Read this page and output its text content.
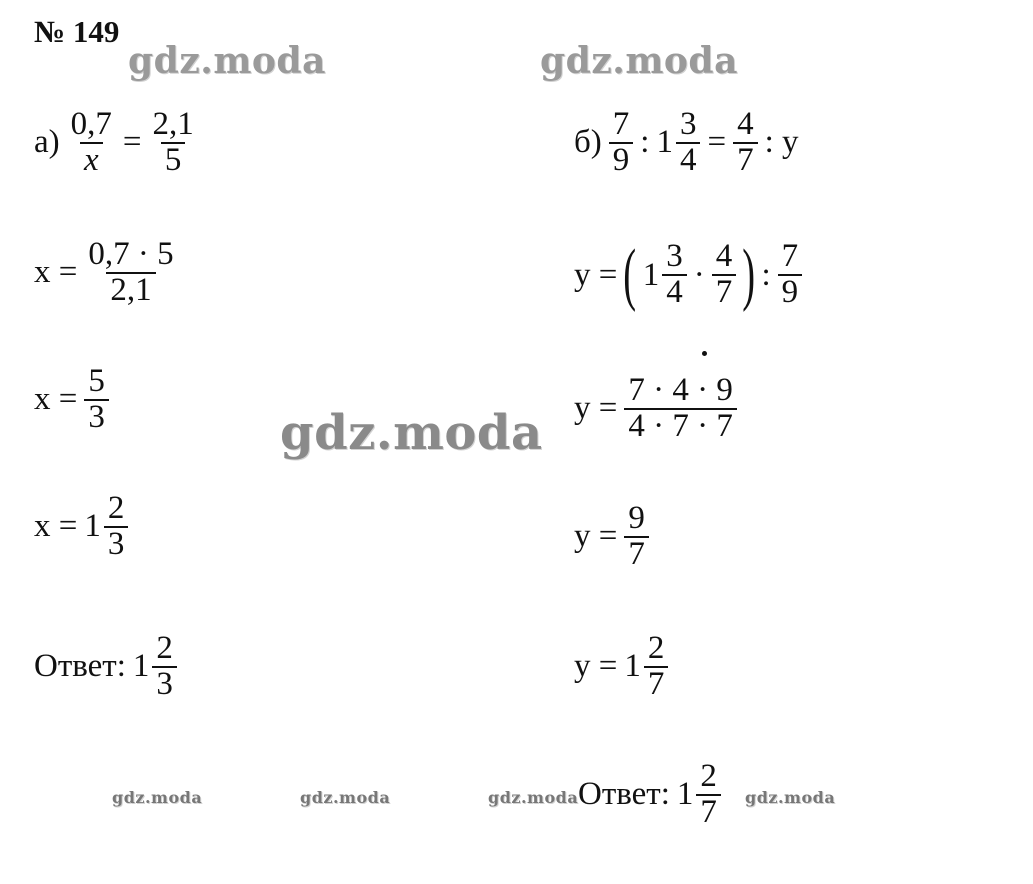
№ 149
gdz.moda	gdz.moda
gdz.moda
gdz.moda	gdz.moda	gdz.moda	gdz.moda
$а) \frac{0,7}{x} = \frac{2,1}{5}$
$x = \frac{0,7 \cdot 5}{2,1}$
$x = \frac{5}{3}$
$x = 1 \frac{2}{3}$
Ответ: $1 \frac{2}{3}$
$б) \frac{7}{9}$ : $1 \frac{3}{4} = \frac{4}{7}$ : y
y = ( $1 \frac{3}{4} \cdot \frac{4}{7}$ ) : $\frac{7}{9}$
$y = \frac{7 \cdot 4 \cdot 9}{4 \cdot 7 \cdot 7}$
$y = \frac{9}{7}$
$y = 1 \frac{2}{7}$
Ответ: $1 \frac{2}{7}$
